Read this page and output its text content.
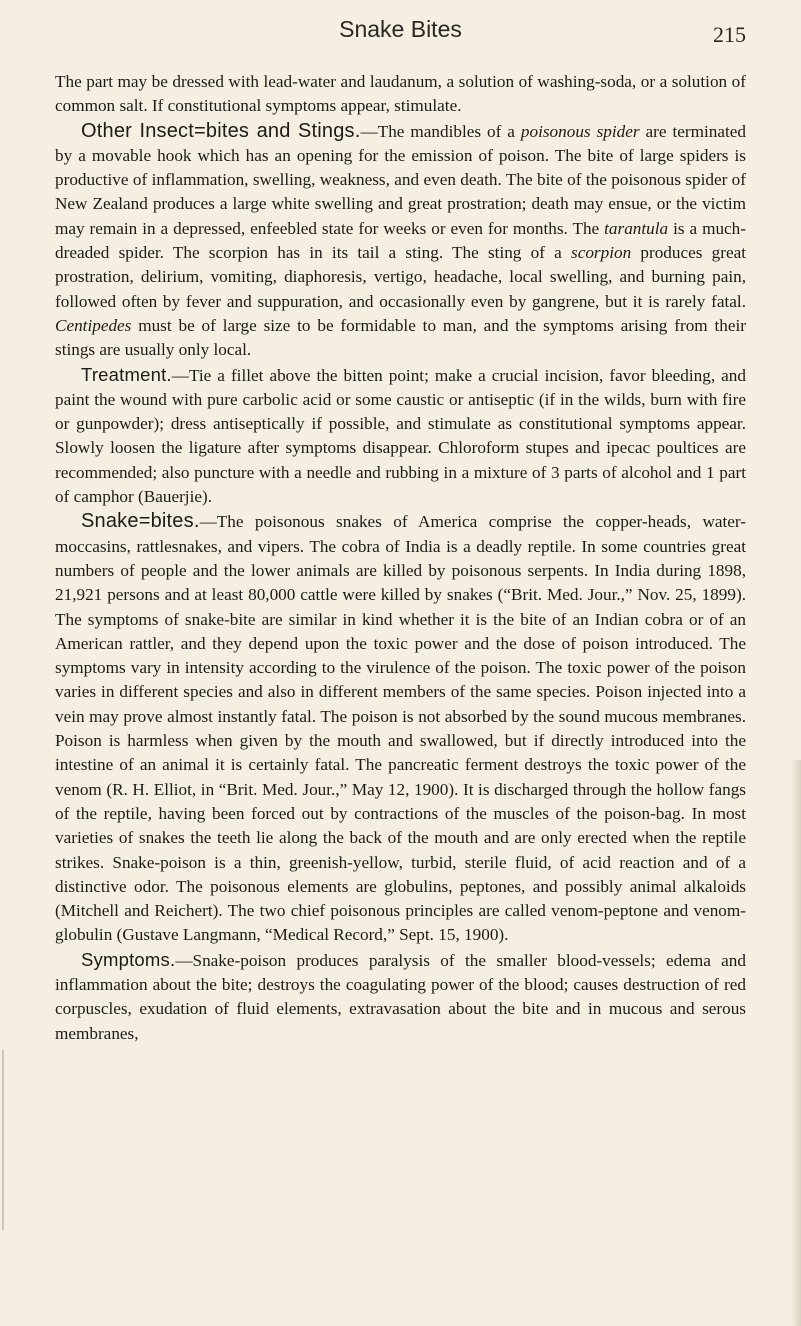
Snake Bites	215

The part may be dressed with lead-water and laudanum, a solution of washing-soda, or a solution of common salt. If constitutional symptoms appear, stimulate.

Other Insect=bites and Stings.—The mandibles of a poisonous spider are terminated by a movable hook which has an opening for the emission of poison. The bite of large spiders is productive of inflammation, swelling, weakness, and even death. The bite of the poisonous spider of New Zealand produces a large white swelling and great prostration; death may ensue, or the victim may remain in a depressed, enfeebled state for weeks or even for months. The tarantula is a much-dreaded spider. The scorpion has in its tail a sting. The sting of a scorpion produces great prostration, delirium, vomiting, diaphoresis, vertigo, headache, local swelling, and burning pain, followed often by fever and suppuration, and occasionally even by gangrene, but it is rarely fatal. Centipedes must be of large size to be formidable to man, and the symptoms arising from their stings are usually only local.

Treatment.—Tie a fillet above the bitten point; make a crucial incision, favor bleeding, and paint the wound with pure carbolic acid or some caustic or antiseptic (if in the wilds, burn with fire or gunpowder); dress antiseptically if possible, and stimulate as constitutional symptoms appear. Slowly loosen the ligature after symptoms disappear. Chloroform stupes and ipecac poultices are recommended; also puncture with a needle and rubbing in a mixture of 3 parts of alcohol and 1 part of camphor (Bauerjie).

Snake=bites.—The poisonous snakes of America comprise the copper-heads, water-moccasins, rattlesnakes, and vipers. The cobra of India is a deadly reptile. In some countries great numbers of people and the lower animals are killed by poisonous serpents. In India during 1898, 21,921 persons and at least 80,000 cattle were killed by snakes (“Brit. Med. Jour.,” Nov. 25, 1899). The symptoms of snake-bite are similar in kind whether it is the bite of an Indian cobra or of an American rattler, and they depend upon the toxic power and the dose of poison introduced. The symptoms vary in intensity according to the virulence of the poison. The toxic power of the poison varies in different species and also in different members of the same species. Poison injected into a vein may prove almost instantly fatal. The poison is not absorbed by the sound mucous membranes. Poison is harmless when given by the mouth and swallowed, but if directly introduced into the intestine of an animal it is certainly fatal. The pancreatic ferment destroys the toxic power of the venom (R. H. Elliot, in “Brit. Med. Jour.,” May 12, 1900). It is discharged through the hollow fangs of the reptile, having been forced out by contractions of the muscles of the poison-bag. In most varieties of snakes the teeth lie along the back of the mouth and are only erected when the reptile strikes. Snake-poison is a thin, greenish-yellow, turbid, sterile fluid, of acid reaction and of a distinctive odor. The poisonous elements are globulins, peptones, and possibly animal alkaloids (Mitchell and Reichert). The two chief poisonous principles are called venom-peptone and venom-globulin (Gustave Langmann, “Medical Record,” Sept. 15, 1900).

Symptoms.—Snake-poison produces paralysis of the smaller blood-vessels; edema and inflammation about the bite; destroys the coagulating power of the blood; causes destruction of red corpuscles, exudation of fluid elements, extravasation about the bite and in mucous and serous membranes,
